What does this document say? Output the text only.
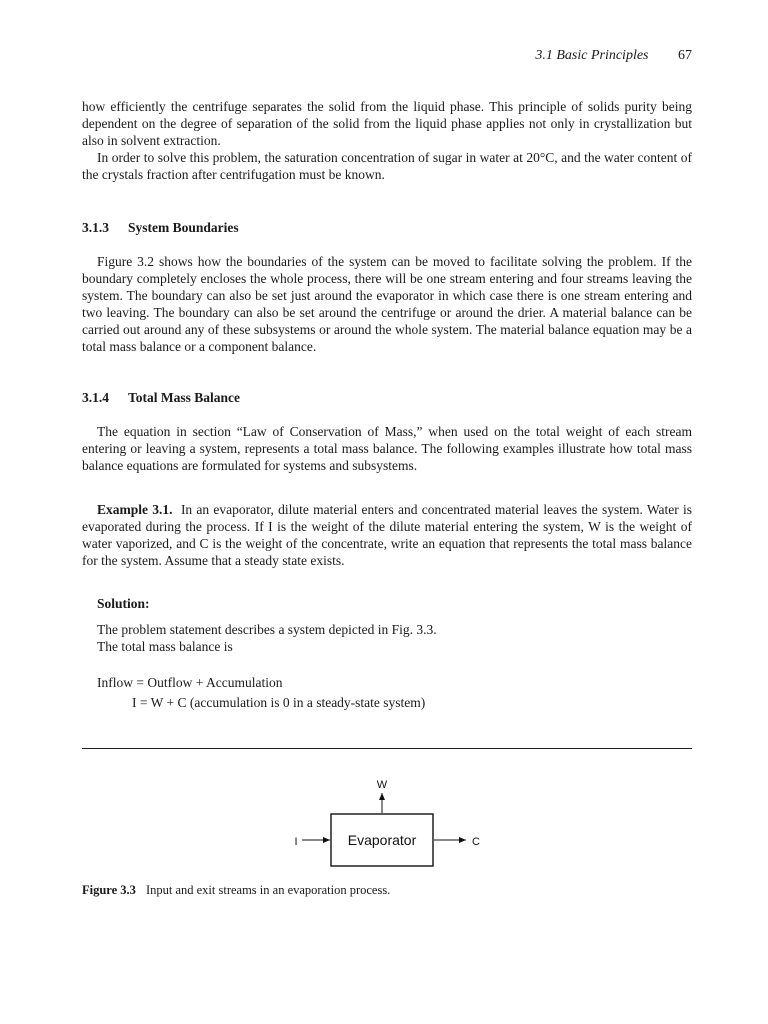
3.1 Basic Principles 67

how efficiently the centrifuge separates the solid from the liquid phase. This principle of solids purity being dependent on the degree of separation of the solid from the liquid phase applies not only in crystallization but also in solvent extraction.

In order to solve this problem, the saturation concentration of sugar in water at 20°C, and the water content of the crystals fraction after centrifugation must be known.

3.1.3 System Boundaries

Figure 3.2 shows how the boundaries of the system can be moved to facilitate solving the problem. If the boundary completely encloses the whole process, there will be one stream entering and four streams leaving the system. The boundary can also be set just around the evaporator in which case there is one stream entering and two leaving. The boundary can also be set around the centrifuge or around the drier. A material balance can be carried out around any of these subsystems or around the whole system. The material balance equation may be a total mass balance or a component balance.

3.1.4 Total Mass Balance

The equation in section “Law of Conservation of Mass,” when used on the total weight of each stream entering or leaving a system, represents a total mass balance. The following examples illustrate how total mass balance equations are formulated for systems and subsystems.

Example 3.1. In an evaporator, dilute material enters and concentrated material leaves the system. Water is evaporated during the process. If I is the weight of the dilute material entering the system, W is the weight of water vaporized, and C is the weight of the concentrate, write an equation that represents the total mass balance for the system. Assume that a steady state exists.

Solution:
The problem statement describes a system depicted in Fig. 3.3.
The total mass balance is
Inflow = Outflow + Accumulation
I = W + C (accumulation is 0 in a steady-state system)
Evaporator
I
W
C
Figure 3.3 Input and exit streams in an evaporation process.
